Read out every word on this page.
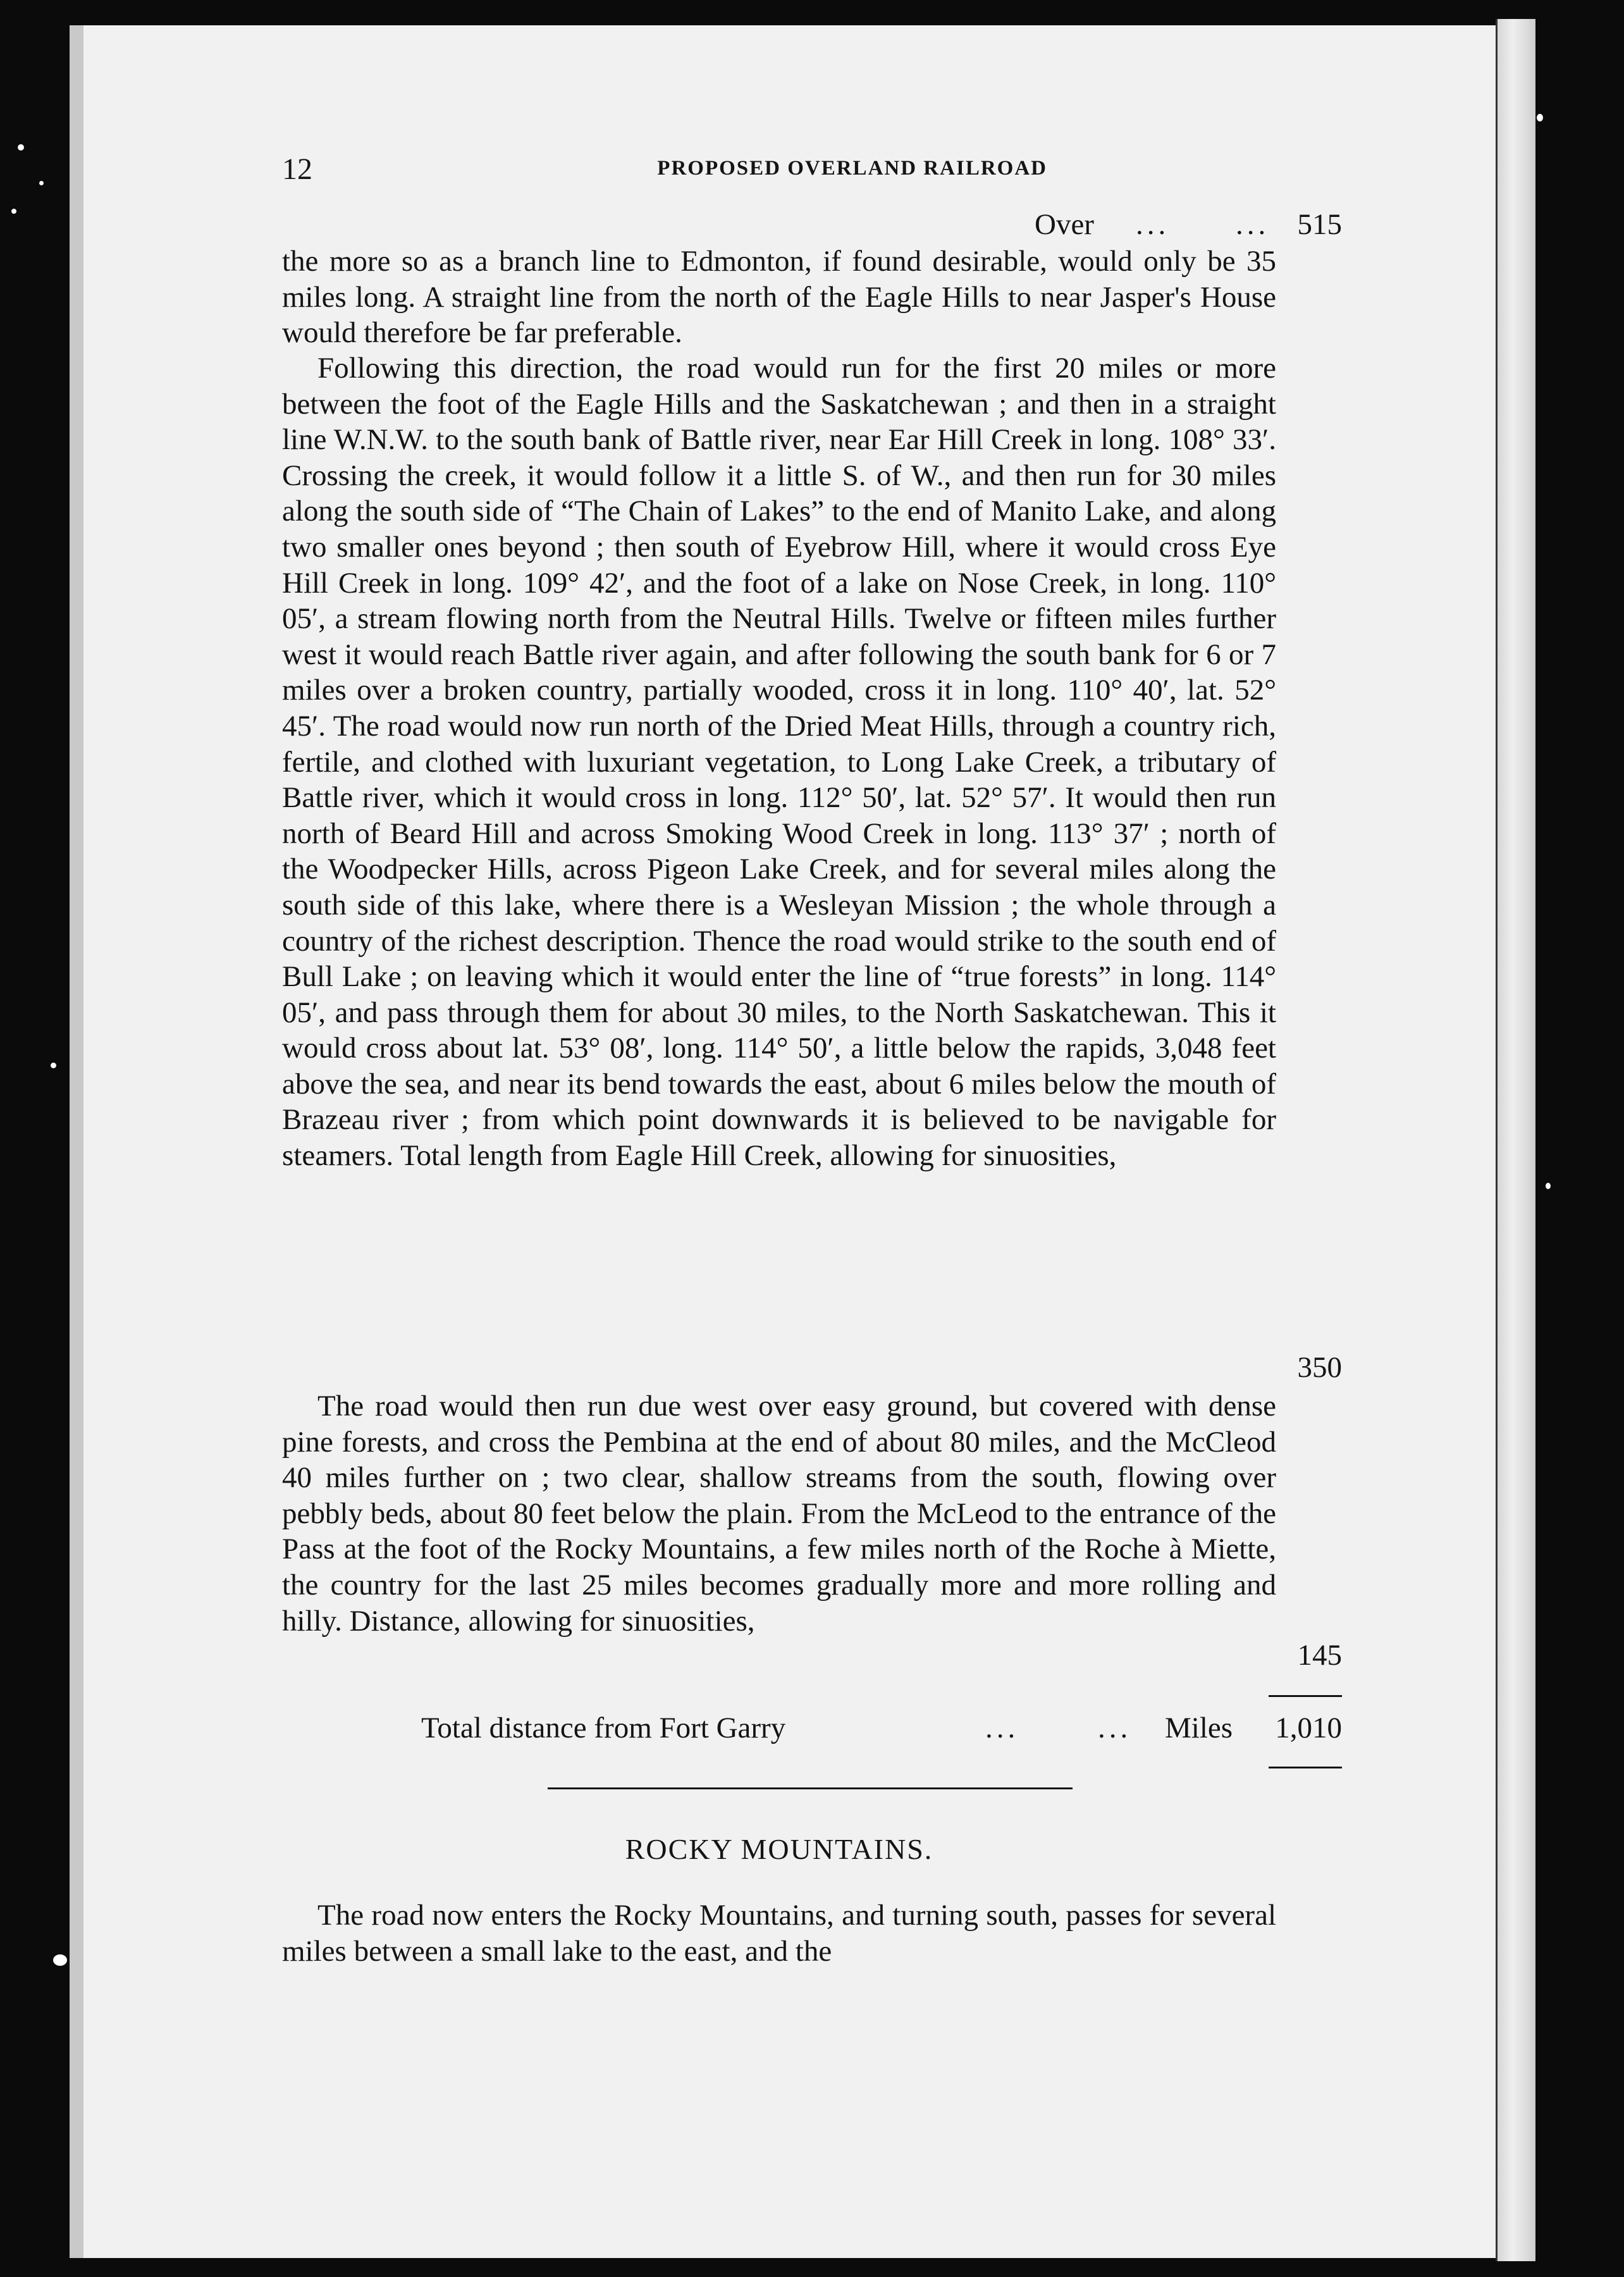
12	PROPOSED OVERLAND RAILROAD
Over ... ... 515
the more so as a branch line to Edmonton, if found desirable, would only be 35 miles long. A straight line from the north of the Eagle Hills to near Jasper's House would therefore be far preferable.
Following this direction, the road would run for the first 20 miles or more between the foot of the Eagle Hills and the Saskatchewan ; and then in a straight line W.N.W. to the south bank of Battle river, near Ear Hill Creek in long. 108° 33′. Crossing the creek, it would follow it a little S. of W., and then run for 30 miles along the south side of “The Chain of Lakes” to the end of Manito Lake, and along two smaller ones beyond ; then south of Eyebrow Hill, where it would cross Eye Hill Creek in long. 109° 42′, and the foot of a lake on Nose Creek, in long. 110° 05′, a stream flowing north from the Neutral Hills. Twelve or fifteen miles further west it would reach Battle river again, and after following the south bank for 6 or 7 miles over a broken country, partially wooded, cross it in long. 110° 40′, lat. 52° 45′. The road would now run north of the Dried Meat Hills, through a country rich, fertile, and clothed with luxuriant vegetation, to Long Lake Creek, a tributary of Battle river, which it would cross in long. 112° 50′, lat. 52° 57′. It would then run north of Beard Hill and across Smoking Wood Creek in long. 113° 37′ ; north of the Woodpecker Hills, across Pigeon Lake Creek, and for several miles along the south side of this lake, where there is a Wesleyan Mission ; the whole through a country of the richest description. Thence the road would strike to the south end of Bull Lake ; on leaving which it would enter the line of “true forests” in long. 114° 05′, and pass through them for about 30 miles, to the North Saskatchewan. This it would cross about lat. 53° 08′, long. 114° 50′, a little below the rapids, 3,048 feet above the sea, and near its bend towards the east, about 6 miles below the mouth of Brazeau river ; from which point downwards it is believed to be navigable for steamers. Total length from Eagle Hill Creek, allowing for sinuosities,
350
The road would then run due west over easy ground, but covered with dense pine forests, and cross the Pembina at the end of about 80 miles, and the McCleod 40 miles further on ; two clear, shallow streams from the south, flowing over pebbly beds, about 80 feet below the plain. From the McLeod to the entrance of the Pass at the foot of the Rocky Mountains, a few miles north of the Roche à Miette, the country for the last 25 miles becomes gradually more and more rolling and hilly. Distance, allowing for sinuosities,
145
Total distance from Fort Garry	...	... Miles 1,010
ROCKY MOUNTAINS.
The road now enters the Rocky Mountains, and turning south, passes for several miles between a small lake to the east, and the
